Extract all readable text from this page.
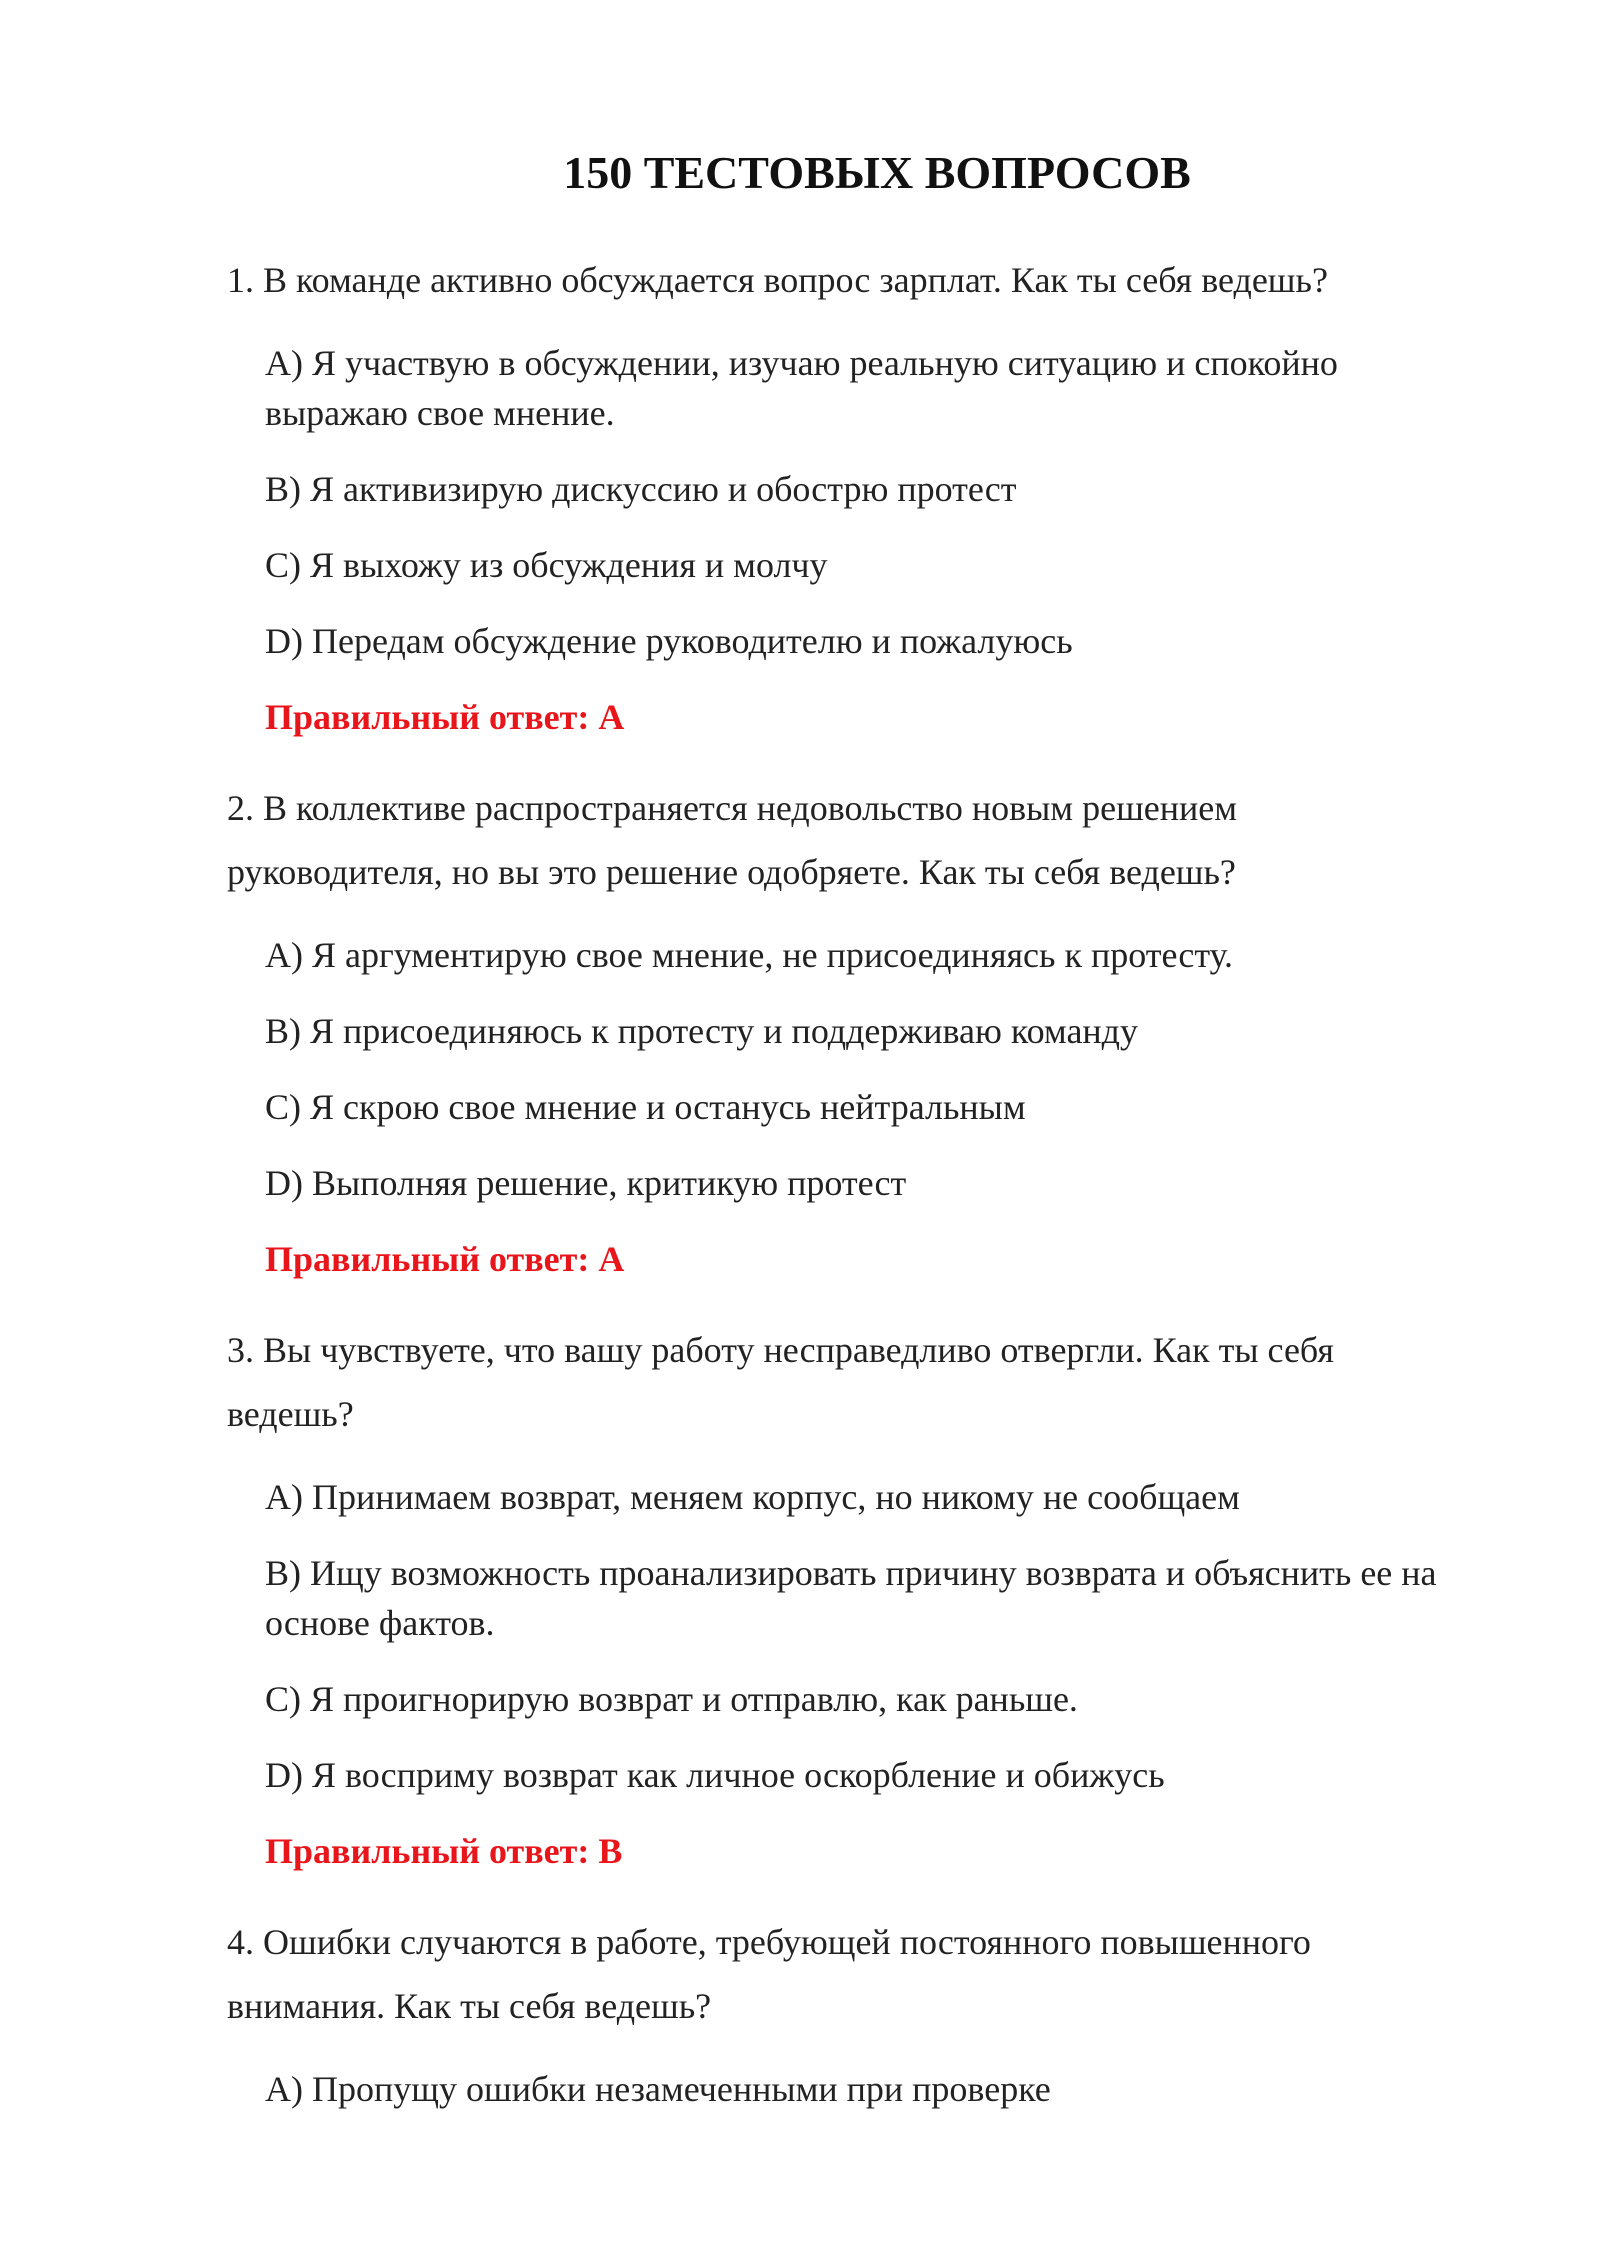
150 ТЕСТОВЫХ ВОПРОСОВ

1. В команде активно обсуждается вопрос зарплат. Как ты себя ведешь?

A) Я участвую в обсуждении, изучаю реальную ситуацию и спокойно выражаю свое мнение.

B) Я активизирую дискуссию и обострю протест

C) Я выхожу из обсуждения и молчу

D) Передам обсуждение руководителю и пожалуюсь

Правильный ответ: A

2. В коллективе распространяется недовольство новым решением руководителя, но вы это решение одобряете. Как ты себя ведешь?

A) Я аргументирую свое мнение, не присоединяясь к протесту.

B) Я присоединяюсь к протесту и поддерживаю команду

C) Я скрою свое мнение и останусь нейтральным

D) Выполняя решение, критикую протест

Правильный ответ: A

3. Вы чувствуете, что вашу работу несправедливо отвергли. Как ты себя ведешь?

A) Принимаем возврат, меняем корпус, но никому не сообщаем

B) Ищу возможность проанализировать причину возврата и объяснить ее на основе фактов.

C) Я проигнорирую возврат и отправлю, как раньше.

D) Я восприму возврат как личное оскорбление и обижусь

Правильный ответ: B

4. Ошибки случаются в работе, требующей постоянного повышенного внимания. Как ты себя ведешь?

A) Пропущу ошибки незамеченными при проверке
